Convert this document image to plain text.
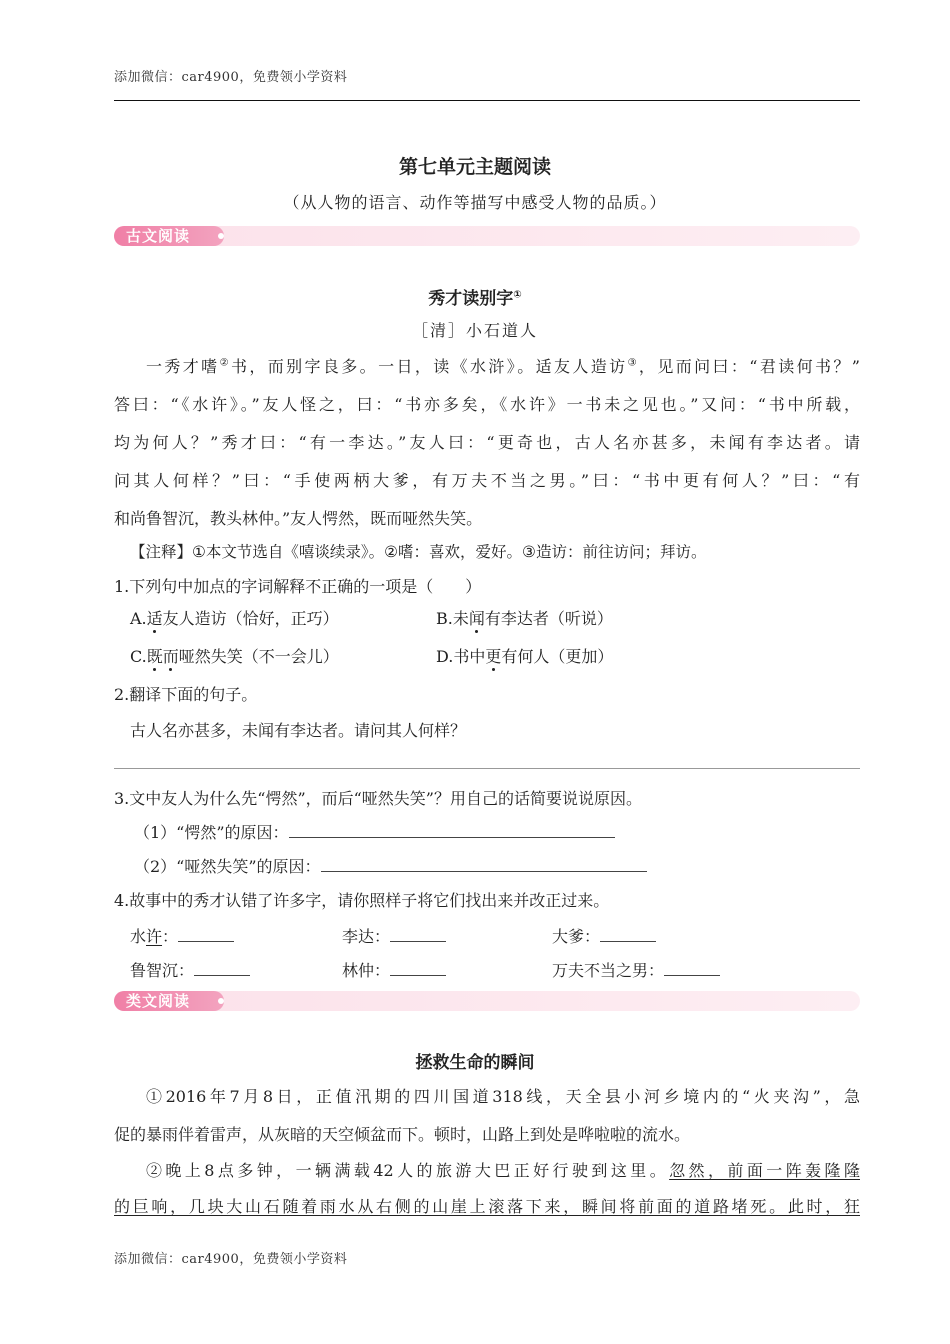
添加微信：car4900，免费领小学资料
第七单元主题阅读
（从人物的语言、动作等描写中感受人物的品质。）
古文阅读
秀才读别字①
［清］小石道人
一秀才嗜②书，而别字良多。一日，读《水浒》。适友人造访③，见而问曰：“君读何书？”
答曰：“《水许》。”友人怪之，曰：“书亦多矣，《水许》一书未之见也。”又问：“书中所载，
均为何人？”秀才曰：“有一李达。”友人曰：“更奇也，古人名亦甚多，未闻有李达者。请
问其人何样？”曰：“手使两柄大爹，有万夫不当之男。”曰：“书中更有何人？”曰：“有
和尚鲁智沉，教头林仲。”友人愕然，既而哑然失笑。
【注释】①本文节选自《嘻谈续录》。②嗜：喜欢，爱好。③造访：前往访问；拜访。
1.下列句中加点的字词解释不正确的一项是（　　）
A.适友人造访（恰好，正巧）	B.未闻有李达者（听说）
C.既而哑然失笑（不一会儿）	D.书中更有何人（更加）
2.翻译下面的句子。
古人名亦甚多，未闻有李达者。请问其人何样？
3.文中友人为什么先“愕然”，而后“哑然失笑”？用自己的话简要说说原因。
（1）“愕然”的原因：
（2）“哑然失笑”的原因：
4.故事中的秀才认错了许多字，请你照样子将它们找出来并改正过来。
水许：	李达：	大爹：
鲁智沉：	林仲：	万夫不当之男：
类文阅读
拯救生命的瞬间
①2016年7月8日，正值汛期的四川国道318线，天全县小河乡境内的“火夹沟”，急
促的暴雨伴着雷声，从灰暗的天空倾盆而下。顿时，山路上到处是哗啦啦的流水。
②晚上8点多钟，一辆满载42人的旅游大巴正好行驶到这里。忽然，前面一阵轰隆隆
的巨响，几块大山石随着雨水从右侧的山崖上滚落下来，瞬间将前面的道路堵死。此时，狂
添加微信：car4900，免费领小学资料
